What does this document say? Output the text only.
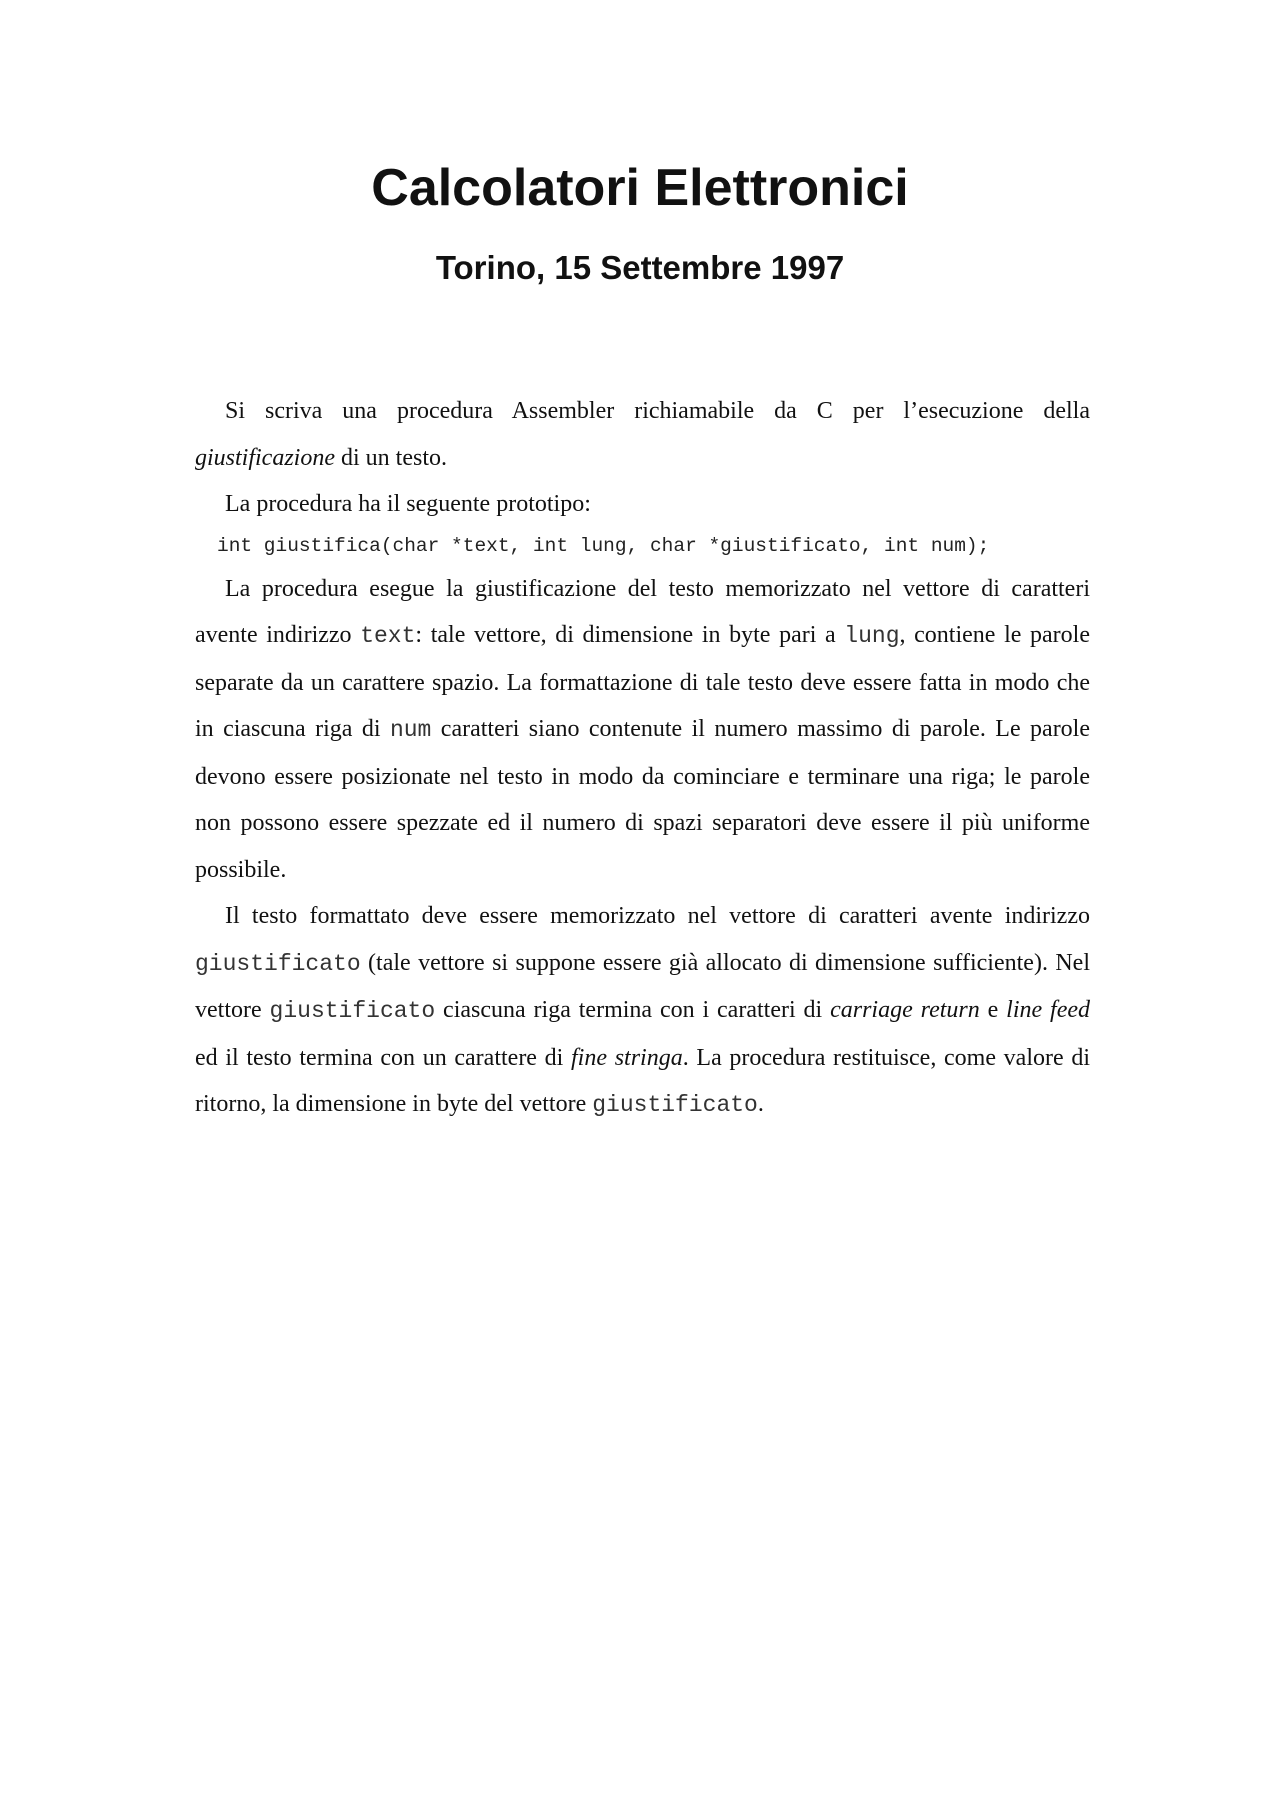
Calcolatori Elettronici
Torino, 15 Settembre 1997

Si scriva una procedura Assembler richiamabile da C per l’esecuzione della giustificazione di un testo.

La procedura ha il seguente prototipo:

int giustifica(char *text, int lung, char *giustificato, int num);

La procedura esegue la giustificazione del testo memorizzato nel vettore di caratteri avente indirizzo text: tale vettore, di dimensione in byte pari a lung, contiene le parole separate da un carattere spazio. La formattazione di tale testo deve essere fatta in modo che in ciascuna riga di num caratteri siano contenute il numero massimo di parole. Le parole devono essere posizionate nel testo in modo da cominciare e terminare una riga; le parole non possono essere spezzate ed il numero di spazi separatori deve essere il più uniforme possibile.

Il testo formattato deve essere memorizzato nel vettore di caratteri avente indirizzo giustificato (tale vettore si suppone essere già allocato di dimensione sufficiente). Nel vettore giustificato ciascuna riga termina con i caratteri di carriage return e line feed ed il testo termina con un carattere di fine stringa. La procedura restituisce, come valore di ritorno, la dimensione in byte del vettore giustificato.
